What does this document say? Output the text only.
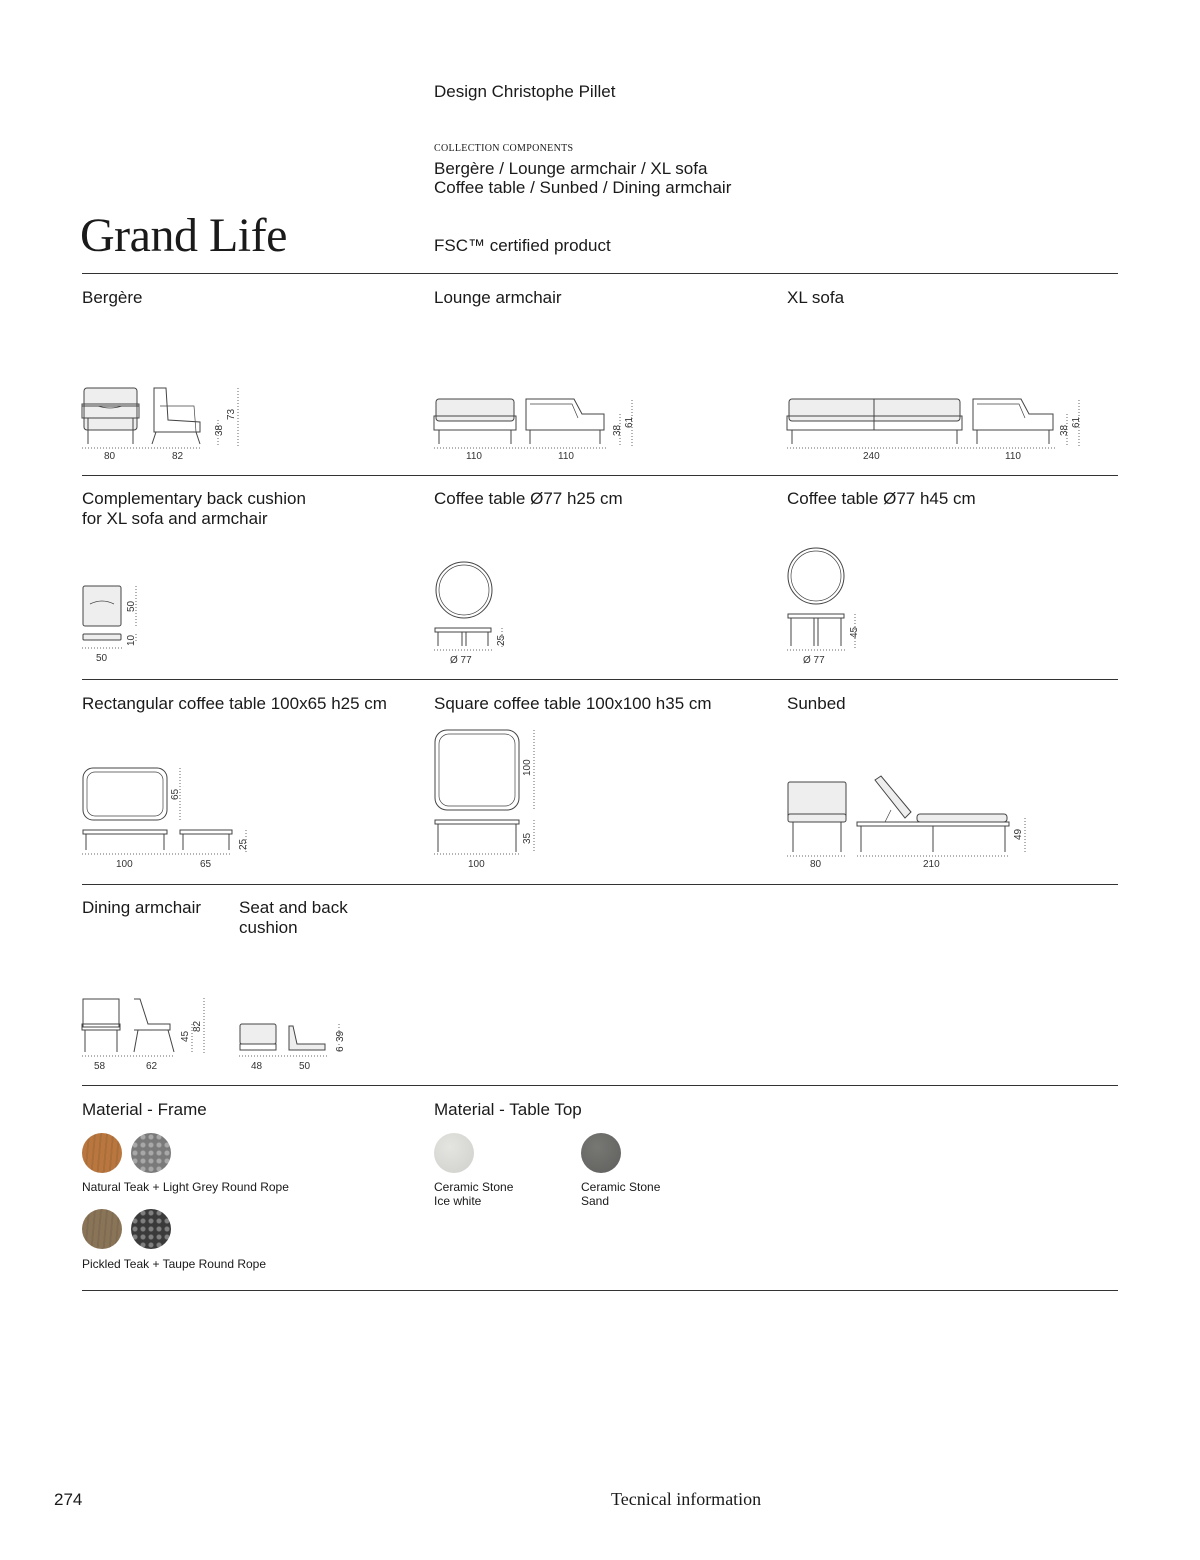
Design Christophe Pillet
COLLECTION COMPONENTS
Bergère / Lounge armchair / XL sofa
Coffee table / Sunbed / Dining armchair
Grand Life	FSC™ certified product
Bergère	Lounge armchair	XL sofa
80	82
38
73
110	110
38
61
240	110
38
61
Complementary back cushion
for XL sofa and armchair
Coffee table Ø77 h25 cm	Coffee table Ø77 h45 cm
50
50
10
Ø 77
25
Ø 77
45
Rectangular coffee table 100x65 h25 cm	Square coffee table 100x100 h35 cm	Sunbed
100
65
65
25
100
100
35
80	210
49
Dining armchair Seat and back
cushion
58	62
45
82
48	50
6
39
Material - Frame	Material - Table Top
Natural Teak + Light Grey Round Rope
Pickled Teak + Taupe Round Rope
Ceramic Stone
Ice white
Ceramic Stone
Sand
274	Tecnical information
